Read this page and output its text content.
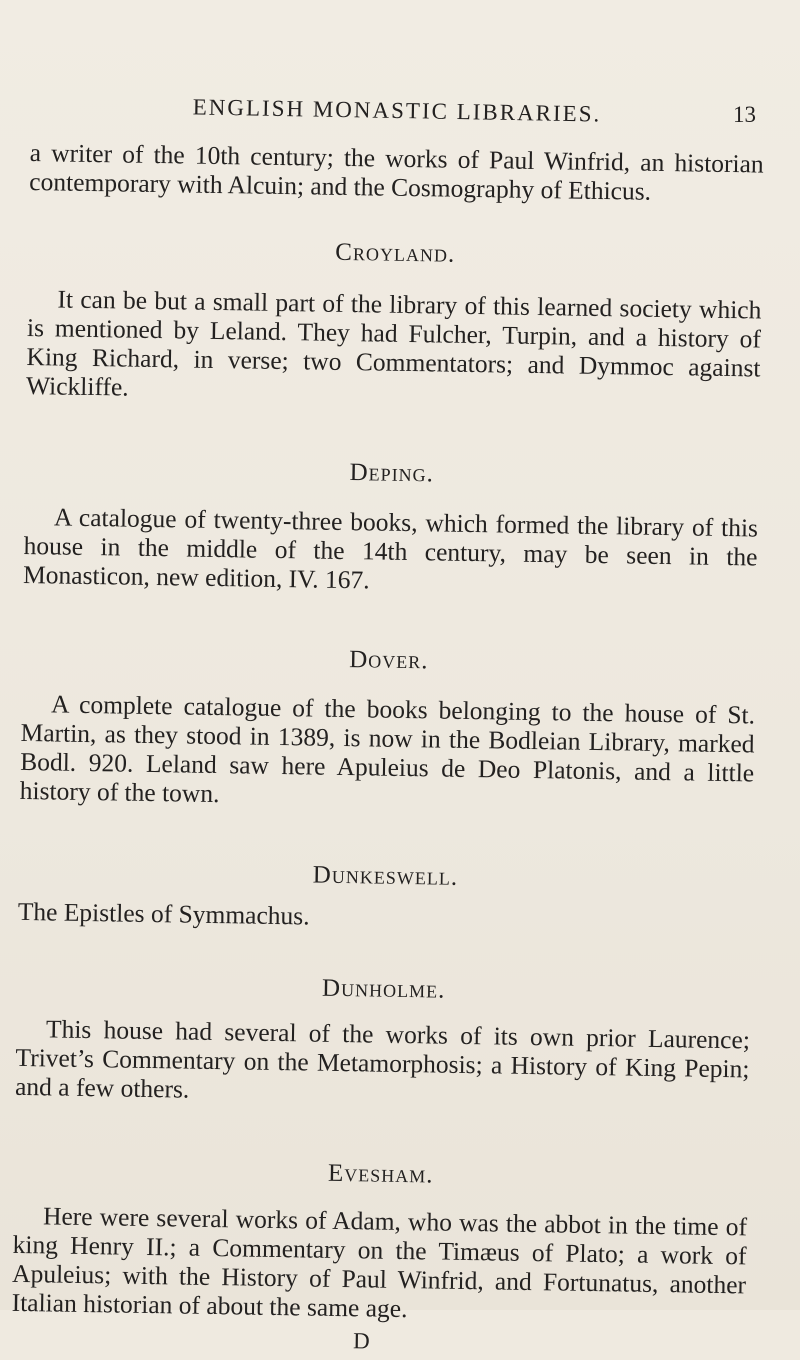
ENGLISH MONASTIC LIBRARIES.	13

a writer of the 10th century; the works of Paul Winfrid, an historian contemporary with Alcuin; and the Cosmography of Ethicus.

Croyland.

It can be but a small part of the library of this learned society which is mentioned by Leland. They had Fulcher, Turpin, and a history of King Richard, in verse; two Commentators; and Dymmoc against Wickliffe.

Deping.

A catalogue of twenty-three books, which formed the library of this house in the middle of the 14th century, may be seen in the Monasticon, new edition, IV. 167.

Dover.

A complete catalogue of the books belonging to the house of St. Martin, as they stood in 1389, is now in the Bodleian Library, marked Bodl. 920. Leland saw here Apuleius de Deo Platonis, and a little history of the town.

Dunkeswell.

The Epistles of Symmachus.

Dunholme.

This house had several of the works of its own prior Laurence; Trivet’s Commentary on the Metamorphosis; a History of King Pepin; and a few others.

Evesham.

Here were several works of Adam, who was the abbot in the time of king Henry II.; a Commentary on the Timæus of Plato; a work of Apuleius; with the History of Paul Winfrid, and Fortunatus, another Italian historian of about the same age.

D
